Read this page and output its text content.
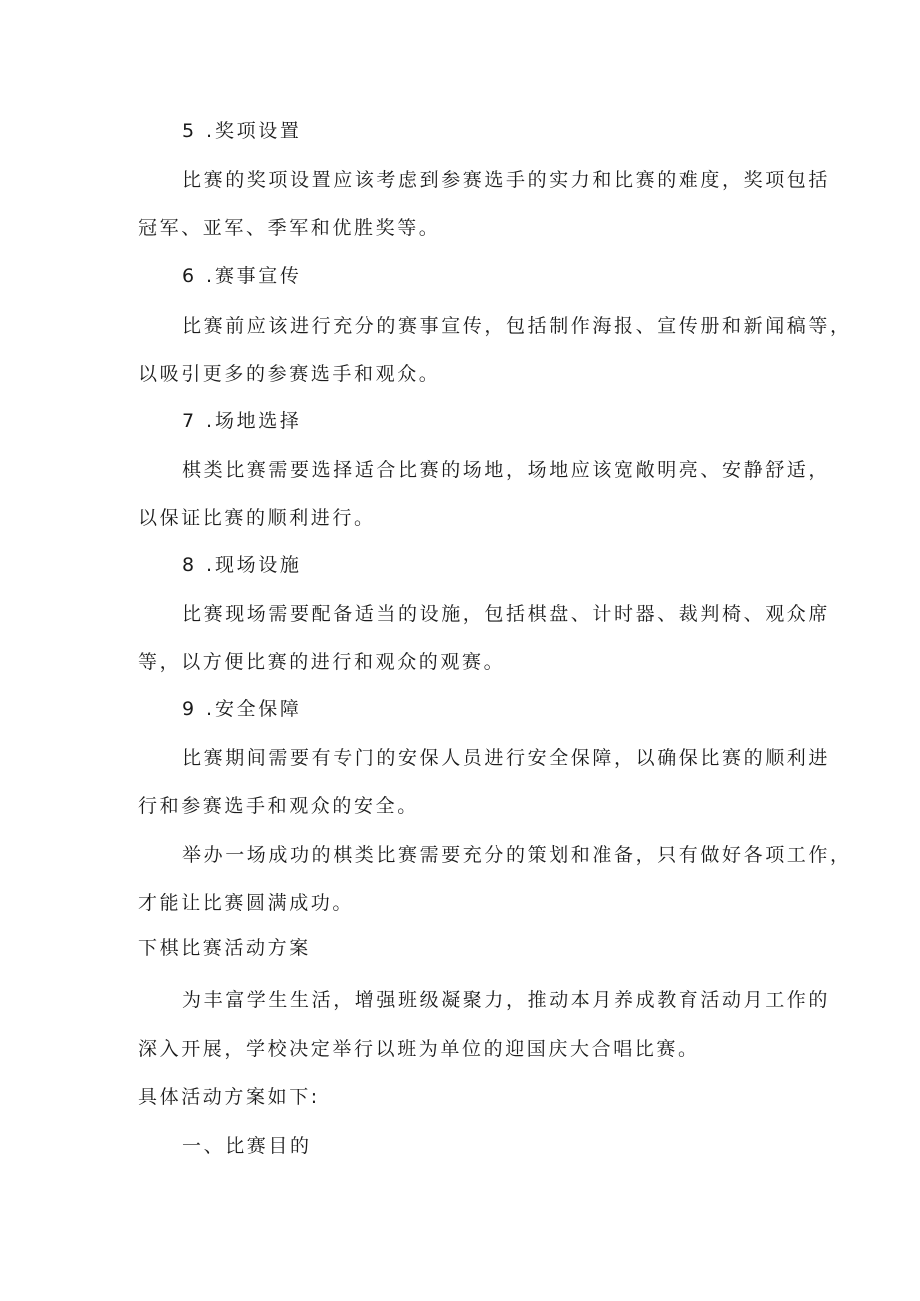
5 . 奖项设置
比赛的奖项设置应该考虑到参赛选手的实力和比赛的难度，奖项包括
冠军、亚军、季军和优胜奖等。
6 . 赛事宣传
比赛前应该进行充分的赛事宣传，包括制作海报、宣传册和新闻稿等，
以吸引更多的参赛选手和观众。
7 . 场地选择
棋类比赛需要选择适合比赛的场地，场地应该宽敞明亮、安静舒适，
以保证比赛的顺利进行。
8 . 现场设施
比赛现场需要配备适当的设施，包括棋盘、计时器、裁判椅、观众席
等，以方便比赛的进行和观众的观赛。
9 . 安全保障
比赛期间需要有专门的安保人员进行安全保障，以确保比赛的顺利进
行和参赛选手和观众的安全。
举办一场成功的棋类比赛需要充分的策划和准备，只有做好各项工作，
才能让比赛圆满成功。
下棋比赛活动方案
为丰富学生生活，增强班级凝聚力，推动本月养成教育活动月工作的
深入开展，学校决定举行以班为单位的迎国庆大合唱比赛。
具体活动方案如下:
一、比赛目的
